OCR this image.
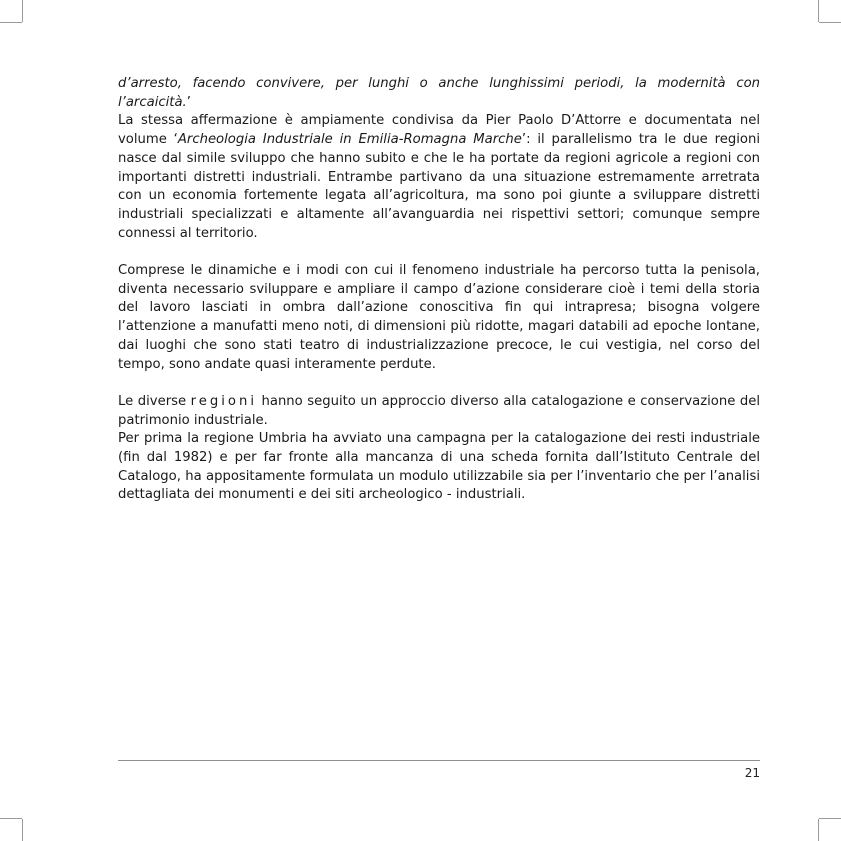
d’arresto, facendo convivere, per lunghi o anche lunghissimi periodi, la modernità con l’arcaicità.’
La stessa affermazione è ampiamente condivisa da Pier Paolo D’Attorre e documentata nel volume ‘Archeologia Industriale in Emilia-Romagna Marche’: il parallelismo tra le due regioni nasce dal simile sviluppo che hanno subito e che le ha portate da regioni agricole a regioni con importanti distretti industriali. Entrambe partivano da una situazione estremamente arretrata con un economia fortemente legata all’agricoltura, ma sono poi giunte a sviluppare distretti industriali specializzati e altamente all’avanguardia nei rispettivi settori; comunque sempre connessi al territorio.

Comprese le dinamiche e i modi con cui il fenomeno industriale ha percorso tutta la penisola, diventa necessario sviluppare e ampliare il campo d’azione considerare cioè i temi della storia del lavoro lasciati in ombra dall’azione conoscitiva fin qui intrapresa; bisogna volgere l’attenzione a manufatti meno noti, di dimensioni più ridotte, magari databili ad epoche lontane, dai luoghi che sono stati teatro di industrializzazione precoce, le cui vestigia, nel corso del tempo, sono andate quasi interamente perdute.

Le diverse regioni hanno seguito un approccio diverso alla catalogazione e conservazione del patrimonio industriale.

Per prima la regione Umbria ha avviato una campagna per la catalogazione dei resti industriale (fin dal 1982) e per far fronte alla mancanza di una scheda fornita dall’Istituto Centrale del Catalogo, ha appositamente formulata un modulo utilizzabile sia per l’inventario che per l’analisi dettagliata dei monumenti e dei siti archeologico - industriali.

21
